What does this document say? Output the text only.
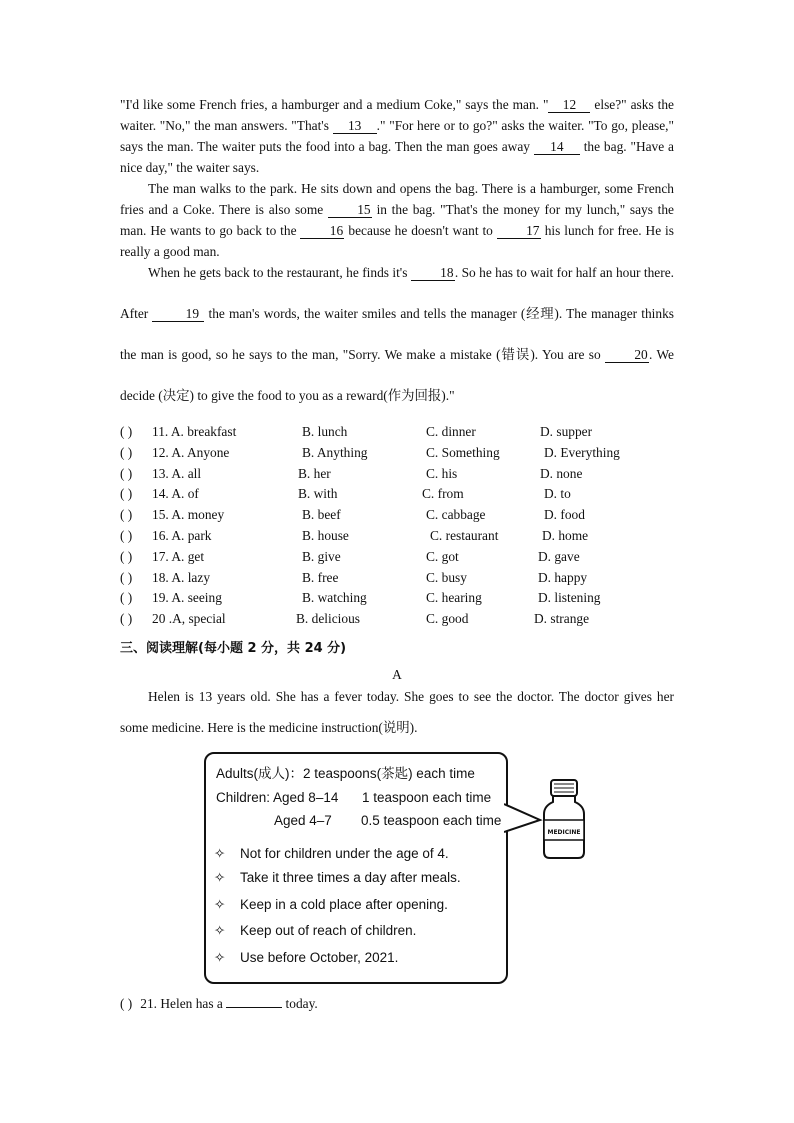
"I'd like some French fries, a hamburger and a medium Coke," says the man. " 12 else?" asks the waiter. "No," the man answers. "That's 13 ." "For here or to go?" asks the waiter. "To go, please," says the man. The waiter puts the food into a bag. Then the man goes away 14 the bag. "Have a nice day," the waiter says.

The man walks to the park. He sits down and opens the bag. There is a hamburger, some French fries and a Coke. There is also some 15 in the bag. "That's the money for my lunch," says the man. He wants to go back to the 16 because he doesn't want to 17 his lunch for free. He is really a good man.

When he gets back to the restaurant, he finds it's 18. So he has to wait for half an hour there. After 19 the man's words, the waiter smiles and tells the manager (经理). The manager thinks the man is good, so he says to the man, "Sorry. We make a mistake (错误). You are so 20. We decide (决定) to give the food to you as a reward(作为回报)."

( ) 11. A. breakfast	B. lunch	C. dinner	D. supper
( ) 12. A. Anyone	B. Anything	C. Something	D. Everything
( ) 13. A. all	B. her	C. his	D. none
( ) 14. A. of	B. with	C. from	D. to
( ) 15. A. money	B. beef	C. cabbage	D. food
( ) 16. A. park	B. house	C. restaurant	D. home
( ) 17. A. get	B. give	C. got	D. gave
( ) 18. A. lazy	B. free	C. busy	D. happy
( ) 19. A. seeing	B. watching	C. hearing	D. listening
( ) 20 .A, special	B. delicious	C. good	D. strange
三、阅读理解(每小题 2 分，共 24 分)
A

Helen is 13 years old. She has a fever today. She goes to see the doctor. The doctor gives her some medicine. Here is the medicine instruction(说明).

Adults(成人)：2 teaspoons(茶匙) each time
Children: Aged 8–14 1 teaspoon each time
Aged 4–7 0.5 teaspoon each time
✧ Not for children under the age of 4.
✧ Take it three times a day after meals.
✧ Keep in a cold place after opening.
✧ Keep out of reach of children.
✧ Use before October, 2021.
MEDICINE
( ) 21. Helen has a	today.
